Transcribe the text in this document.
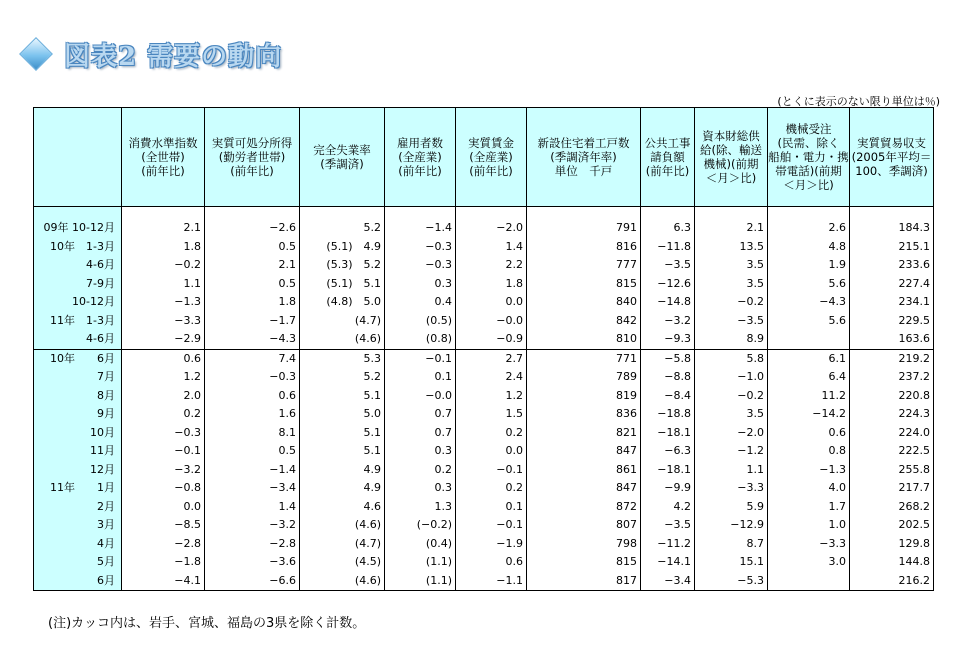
図表2 需要の動向
(とくに表示のない限り単位は％)
	消費水準指数
(全世帯)
(前年比)	実質可処分所得
(勤労者世帯)
(前年比)	完全失業率
(季調済)	雇用者数
(全産業)
(前年比)	実質賃金
(全産業)
(前年比)	新設住宅着工戸数
(季調済年率)
単位　千戸	公共工事
請負額
(前年比)	資本財総供
給(除、輸送
機械)(前期
＜月＞比)	機械受注
(民需、除く
船舶・電力・携
帯電話)(前期
＜月＞比)	実質貿易収支
(2005年平均＝
100、季調済)

09年 10-12月	2.1	−2.6	5.2	−1.4	−2.0	791	6.3	2.1	2.6	184.3
10年　1-3月	1.8	0.5	(5.1)　4.9	−0.3	1.4	816	−11.8	13.5	4.8	215.1
4-6月	−0.2	2.1	(5.3)　5.2	−0.3	2.2	777	−3.5	3.5	1.9	233.6
7-9月	1.1	0.5	(5.1)　5.1	0.3	1.8	815	−12.6	3.5	5.6	227.4
10-12月	−1.3	1.8	(4.8)　5.0	0.4	0.0	840	−14.8	−0.2	−4.3	234.1
11年　1-3月	−3.3	−1.7	(4.7)	(0.5)	−0.0	842	−3.2	−3.5	5.6	229.5
4-6月	−2.9	−4.3	(4.6)	(0.8)	−0.9	810	−9.3	8.9		163.6
10年　　6月	0.6	7.4	5.3	−0.1	2.7	771	−5.8	5.8	6.1	219.2
7月	1.2	−0.3	5.2	0.1	2.4	789	−8.8	−1.0	6.4	237.2
8月	2.0	0.6	5.1	−0.0	1.2	819	−8.4	−0.2	11.2	220.8
9月	0.2	1.6	5.0	0.7	1.5	836	−18.8	3.5	−14.2	224.3
10月	−0.3	8.1	5.1	0.7	0.2	821	−18.1	−2.0	0.6	224.0
11月	−0.1	0.5	5.1	0.3	0.0	847	−6.3	−1.2	0.8	222.5
12月	−3.2	−1.4	4.9	0.2	−0.1	861	−18.1	1.1	−1.3	255.8
11年　　1月	−0.8	−3.4	4.9	0.3	0.2	847	−9.9	−3.3	4.0	217.7
2月	0.0	1.4	4.6	1.3	0.1	872	4.2	5.9	1.7	268.2
3月	−8.5	−3.2	(4.6)	(−0.2)	−0.1	807	−3.5	−12.9	1.0	202.5
4月	−2.8	−2.8	(4.7)	(0.4)	−1.9	798	−11.2	8.7	−3.3	129.8
5月	−1.8	−3.6	(4.5)	(1.1)	0.6	815	−14.1	15.1	3.0	144.8
6月	−4.1	−6.6	(4.6)	(1.1)	−1.1	817	−3.4	−5.3		216.2
(注)カッコ内は、岩手、宮城、福島の3県を除く計数。
